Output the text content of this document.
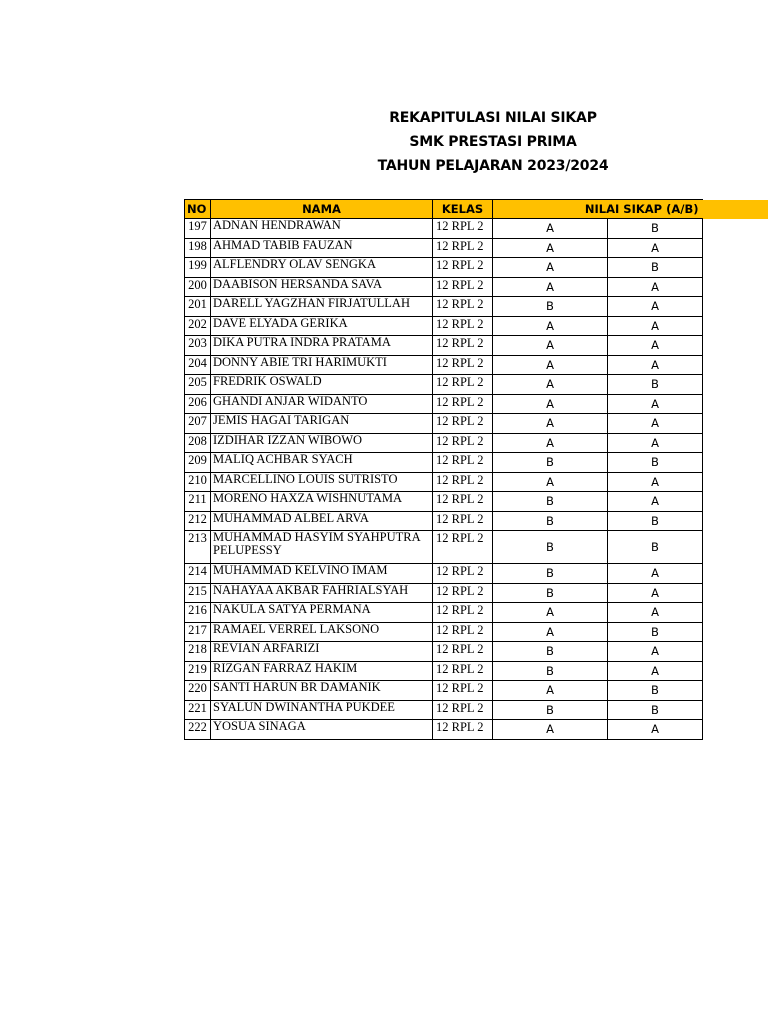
REKAPITULASI NILAI SIKAP
SMK PRESTASI PRIMA
TAHUN PELAJARAN 2023/2024
NO	NAMA	KELAS	NILAI SIKAP (A/B)	
197	ADNAN HENDRAWAN	12 RPL 2	A	B
198	AHMAD TABIB FAUZAN	12 RPL 2	A	A
199	ALFLENDRY OLAV SENGKA	12 RPL 2	A	B
200	DAABISON HERSANDA SAVA	12 RPL 2	A	A
201	DARELL YAGZHAN FIRJATULLAH	12 RPL 2	B	A
202	DAVE ELYADA GERIKA	12 RPL 2	A	A
203	DIKA PUTRA INDRA PRATAMA	12 RPL 2	A	A
204	DONNY ABIE TRI HARIMUKTI	12 RPL 2	A	A
205	FREDRIK OSWALD	12 RPL 2	A	B
206	GHANDI ANJAR WIDANTO	12 RPL 2	A	A
207	JEMIS HAGAI TARIGAN	12 RPL 2	A	A
208	IZDIHAR IZZAN WIBOWO	12 RPL 2	A	A
209	MALIQ ACHBAR SYACH	12 RPL 2	B	B
210	MARCELLINO LOUIS SUTRISTO	12 RPL 2	A	A
211	MORENO HAXZA WISHNUTAMA	12 RPL 2	B	A
212	MUHAMMAD ALBEL ARVA	12 RPL 2	B	B
213	MUHAMMAD HASYIM SYAHPUTRA PELUPESSY	12 RPL 2	B	B
214	MUHAMMAD KELVINO IMAM	12 RPL 2	B	A
215	NAHAYAA AKBAR FAHRIALSYAH	12 RPL 2	B	A
216	NAKULA SATYA PERMANA	12 RPL 2	A	A
217	RAMAEL VERREL LAKSONO	12 RPL 2	A	B
218	REVIAN ARFARIZI	12 RPL 2	B	A
219	RIZGAN FARRAZ HAKIM	12 RPL 2	B	A
220	SANTI HARUN BR DAMANIK	12 RPL 2	A	B
221	SYALUN DWINANTHA PUKDEE	12 RPL 2	B	B
222	YOSUA SINAGA	12 RPL 2	A	A
